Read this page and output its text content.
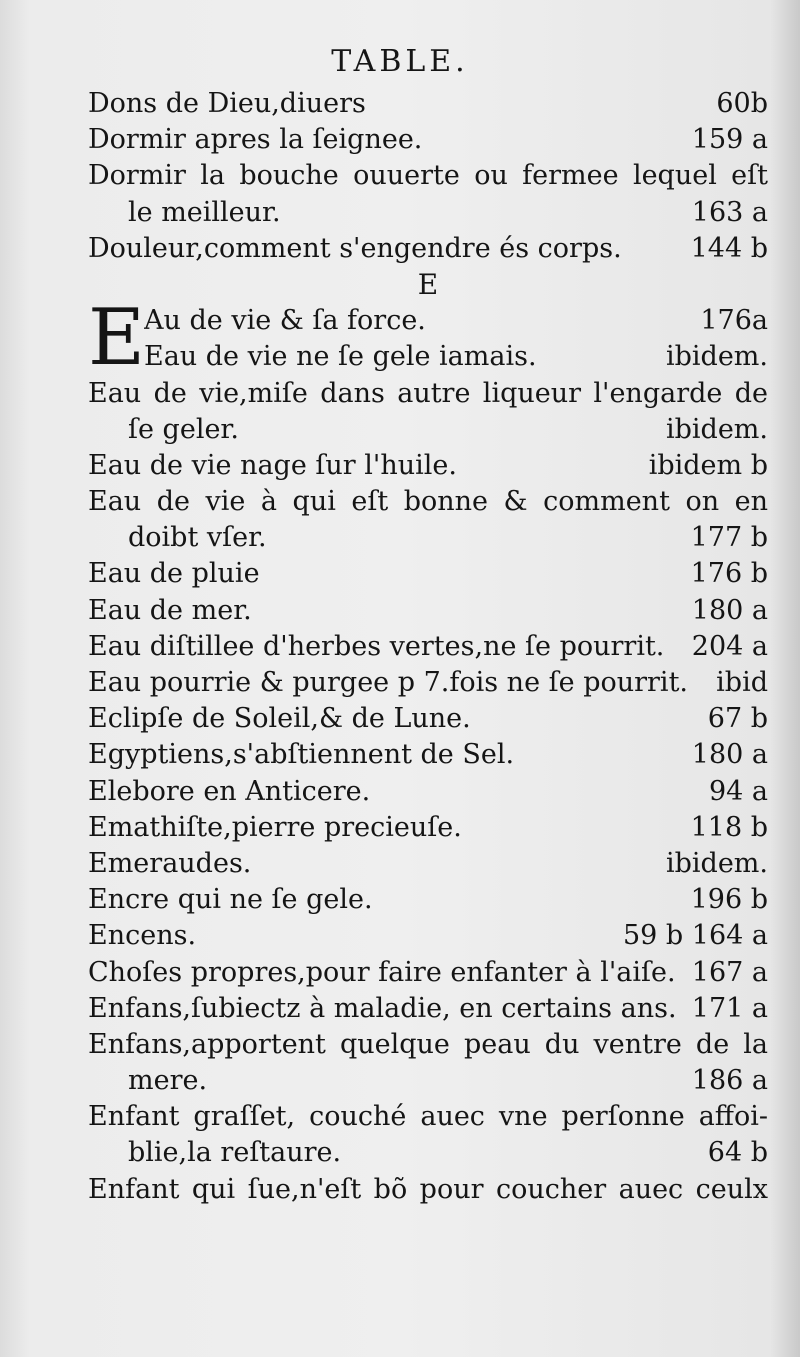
TABLE.
Dons de Dieu,diuers	60b
Dormir apres la ſeignee.	159 a
Dormir la bouche ouuerte ou fermee lequel eſt
le meilleur.	163 a
Douleur,comment s'engendre és corps.	144 b
E
E Au de vie & ſa force.	176a
Eau de vie ne ſe gele iamais.	ibidem.
Eau de vie,miſe dans autre liqueur l'engarde de
ſe geler.	ibidem.
Eau de vie nage ſur l'huile.	ibidem b
Eau de vie à qui eſt bonne & comment on en
doibt vſer.	177 b
Eau de pluie	176 b
Eau de mer.	180 a
Eau diſtillee d'herbes vertes,ne ſe pourrit. 204 a
Eau pourrie & purgee p 7.fois ne ſe pourrit. ibid
Eclipſe de Soleil,& de Lune.	67 b
Egyptiens,s'abſtiennent de Sel.	180 a
Elebore en Anticere.	94 a
Emathiſte,pierre precieuſe.	118 b
Emeraudes.	ibidem.
Encre qui ne ſe gele.	196 b
Encens.	59 b 164 a
Choſes propres,pour faire enfanter à l'aiſe. 167 a
Enfans,ſubiectz à maladie, en certains ans. 171 a
Enfans,apportent quelque peau du ventre de la
mere.	186 a
Enfant graſſet, couché auec vne perſonne affoi-
blie,la reſtaure.	64 b
Enfant qui ſue,n'eſt bõ pour coucher auec ceulx
